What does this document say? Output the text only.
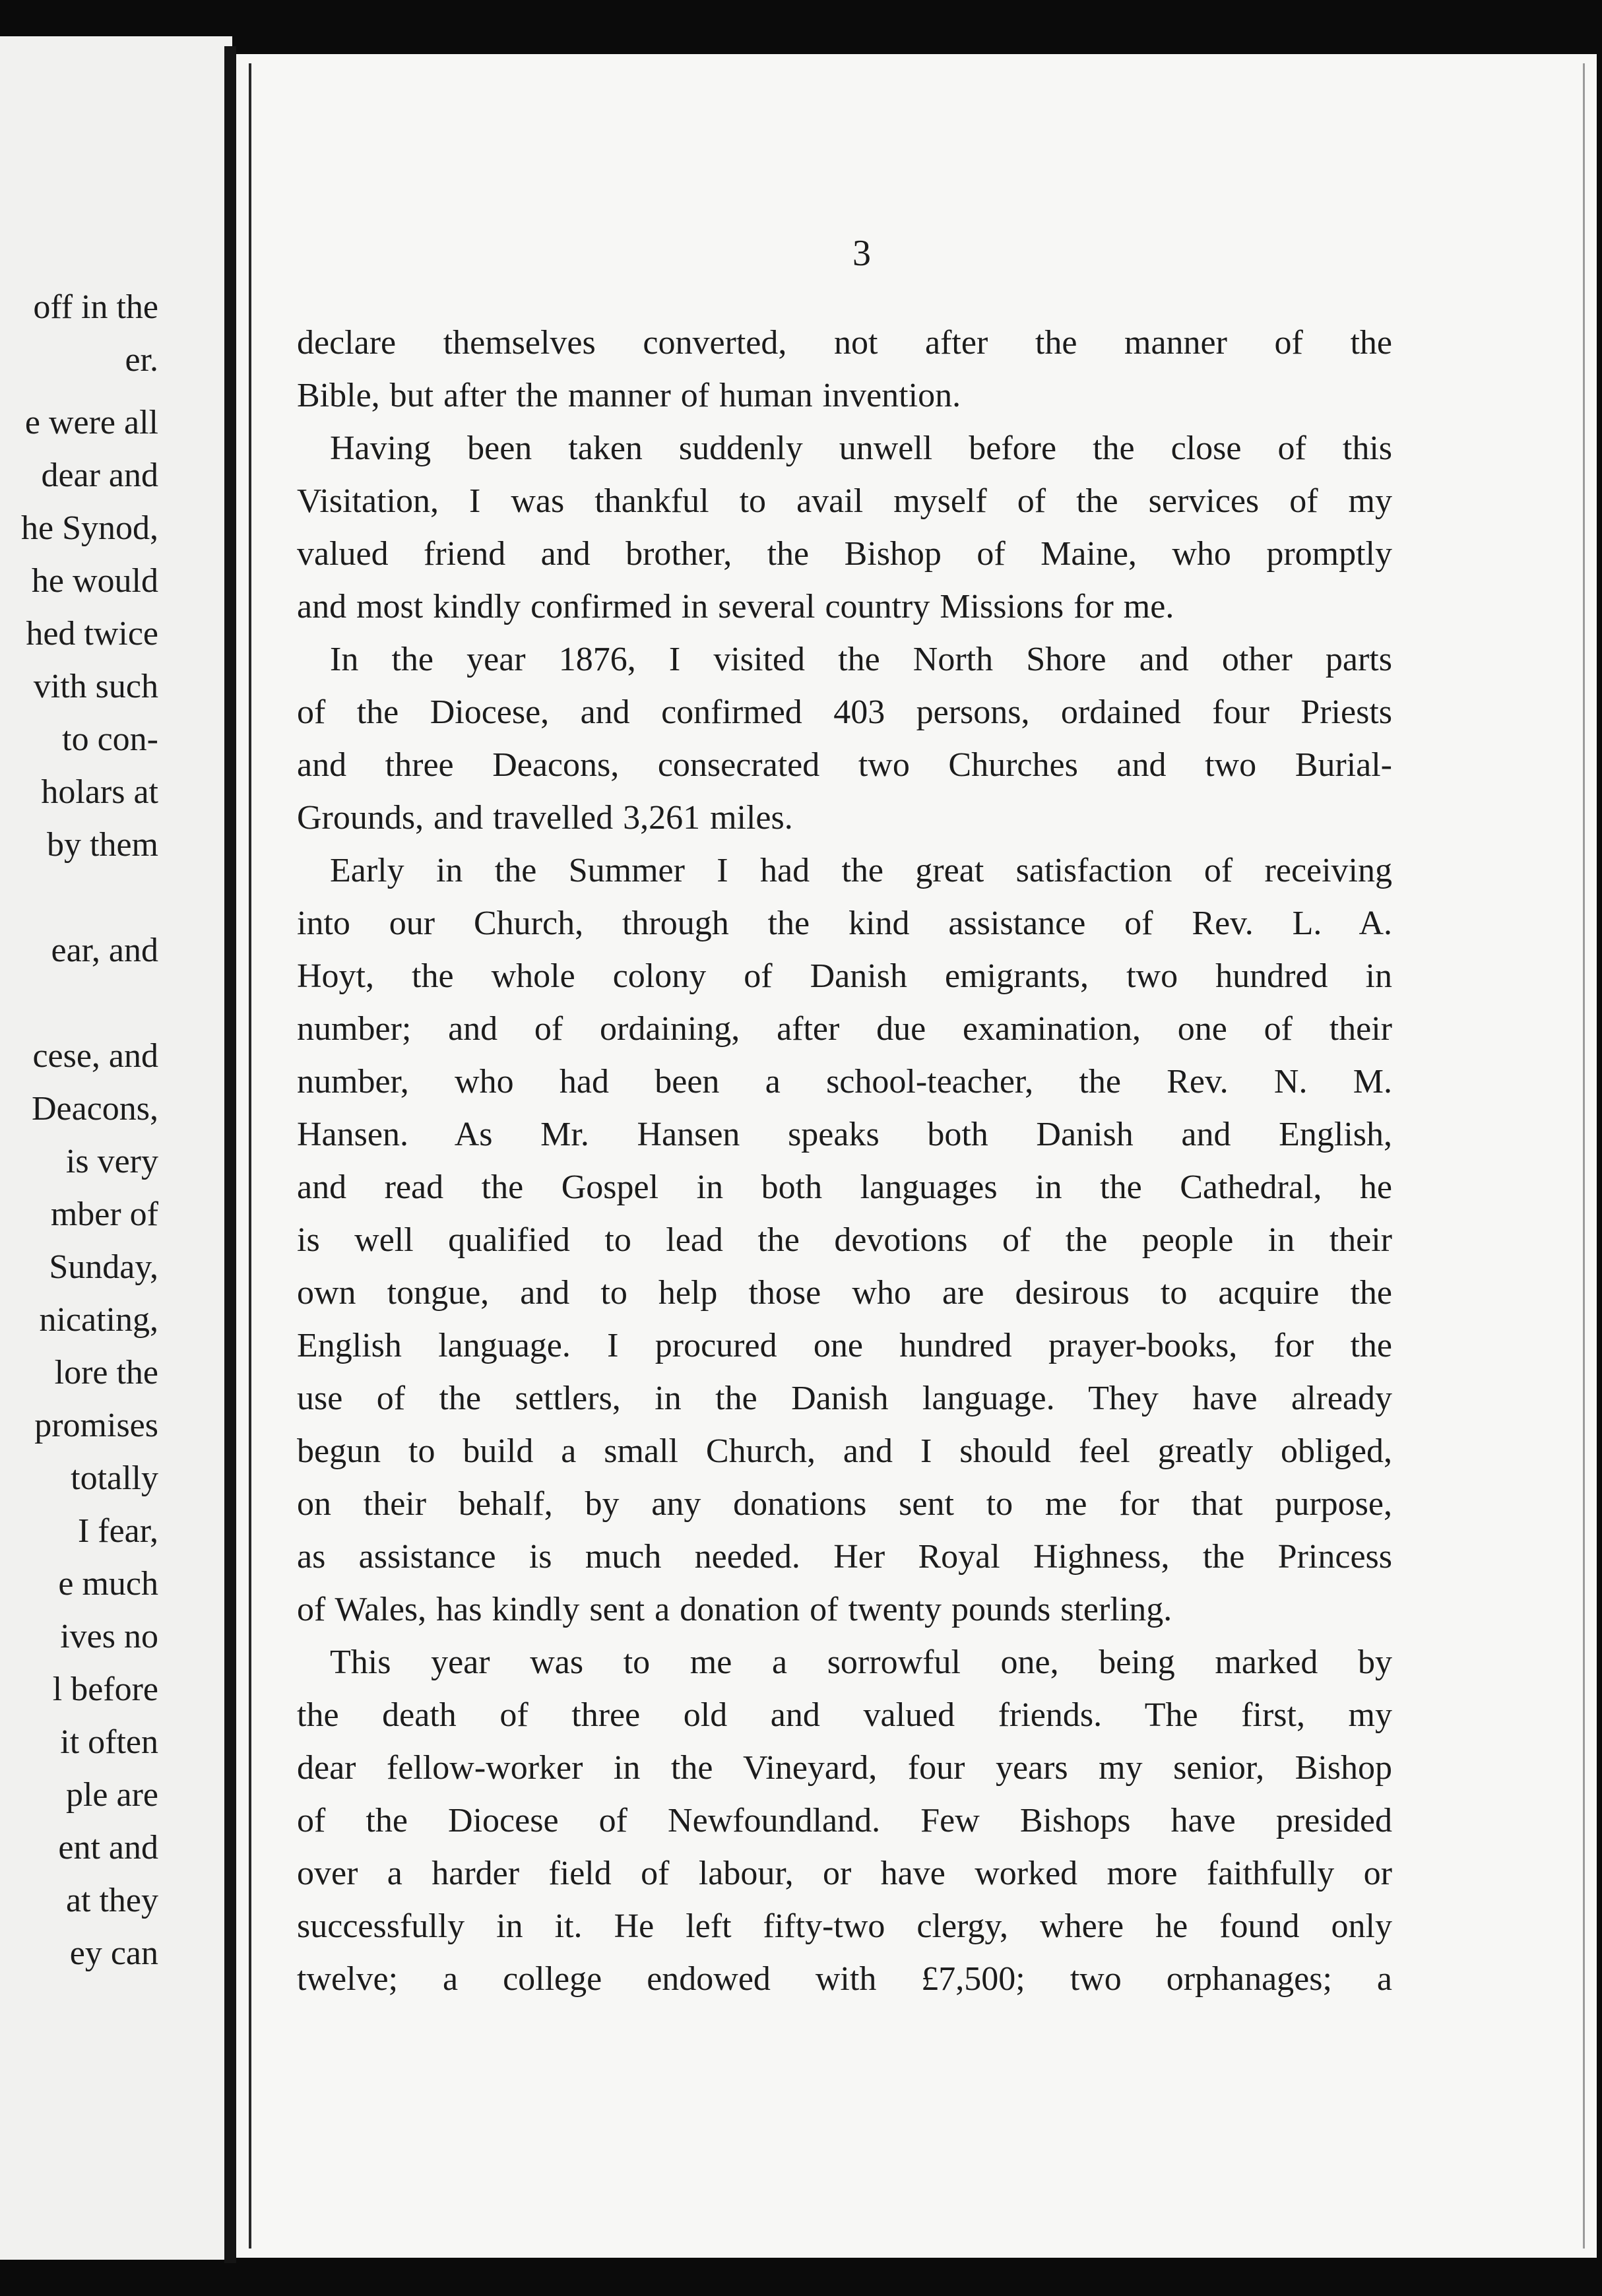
off in the
er.
e were all
dear and
he Synod,
he would
hed twice
vith such
to con-
holars at
by them
ear, and
cese, and
Deacons,
is very
mber of
Sunday,
nicating,
lore the
promises
totally
I fear,
e much
ives no
l before
it often
ple are
ent and
at they
ey can
3
declare themselves converted, not after the manner of the
Bible, but after the manner of human invention.
Having been taken suddenly unwell before the close of this
Visitation, I was thankful to avail myself of the services of my
valued friend and brother, the Bishop of Maine, who promptly
and most kindly confirmed in several country Missions for me.
In the year 1876, I visited the North Shore and other parts
of the Diocese, and confirmed 403 persons, ordained four Priests
and three Deacons, consecrated two Churches and two Burial-
Grounds, and travelled 3,261 miles.
Early in the Summer I had the great satisfaction of receiving
into our Church, through the kind assistance of Rev. L. A.
Hoyt, the whole colony of Danish emigrants, two hundred in
number; and of ordaining, after due examination, one of their
number, who had been a school-teacher, the Rev. N. M.
Hansen. As Mr. Hansen speaks both Danish and English,
and read the Gospel in both languages in the Cathedral, he
is well qualified to lead the devotions of the people in their
own tongue, and to help those who are desirous to acquire the
English language. I procured one hundred prayer-books, for the
use of the settlers, in the Danish language. They have already
begun to build a small Church, and I should feel greatly obliged,
on their behalf, by any donations sent to me for that purpose,
as assistance is much needed. Her Royal Highness, the Princess
of Wales, has kindly sent a donation of twenty pounds sterling.
This year was to me a sorrowful one, being marked by
the death of three old and valued friends. The first, my
dear fellow-worker in the Vineyard, four years my senior, Bishop
of the Diocese of Newfoundland. Few Bishops have presided
over a harder field of labour, or have worked more faithfully or
successfully in it. He left fifty-two clergy, where he found only
twelve; a college endowed with £7,500; two orphanages; a
